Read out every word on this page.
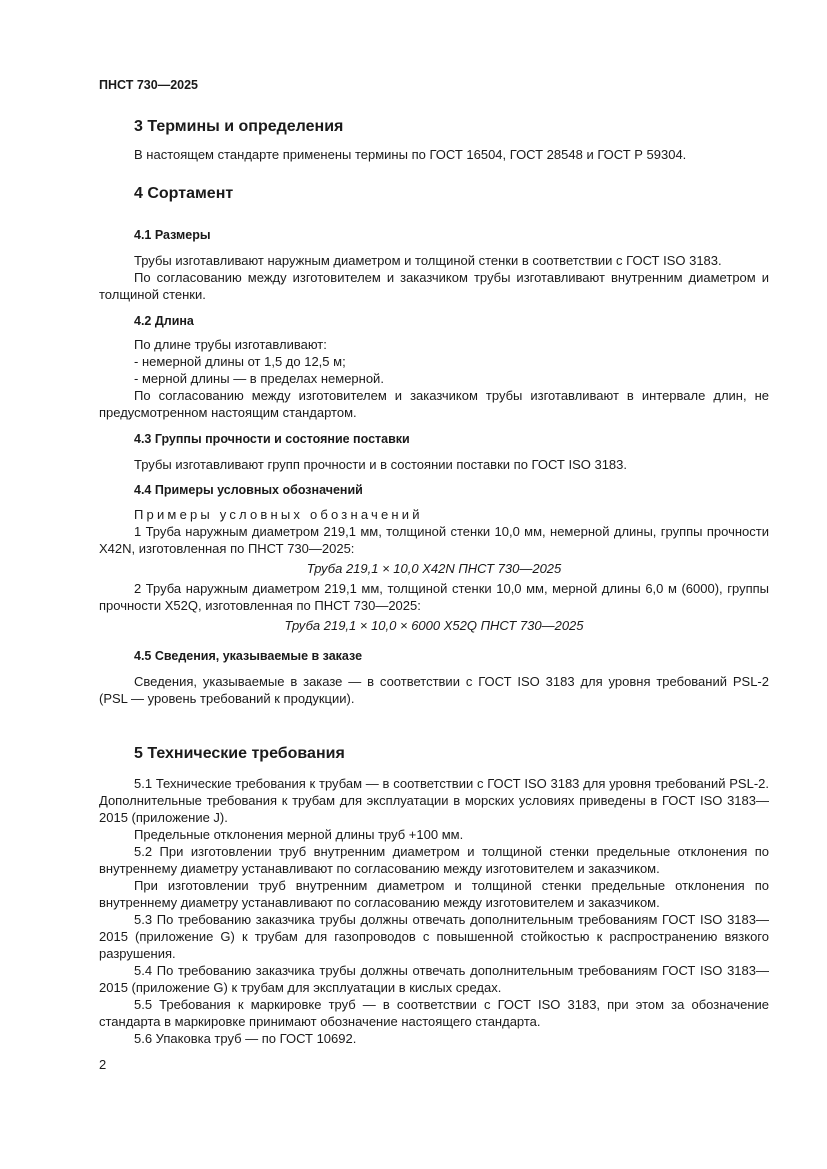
ПНСТ 730—2025
3 Термины и определения

В настоящем стандарте применены термины по ГОСТ 16504, ГОСТ 28548 и ГОСТ Р 59304.

4 Сортамент
4.1 Размеры

Трубы изготавливают наружным диаметром и толщиной стенки в соответствии с ГОСТ ISO 3183.

По согласованию между изготовителем и заказчиком трубы изготавливают внутренним диаметром и толщиной стенки.

4.2 Длина

По длине трубы изготавливают:

- немерной длины от 1,5 до 12,5 м;

- мерной длины — в пределах немерной.

По согласованию между изготовителем и заказчиком трубы изготавливают в интервале длин, не предусмотренном настоящим стандартом.

4.3 Группы прочности и состояние поставки

Трубы изготавливают групп прочности и в состоянии поставки по ГОСТ ISO 3183.

4.4 Примеры условных обозначений

Примеры условных обозначений

1 Труба наружным диаметром 219,1 мм, толщиной стенки 10,0 мм, немерной длины, группы прочности X42N, изготовленная по ПНСТ 730—2025:

Труба 219,1 × 10,0 X42N ПНСТ 730—2025

2 Труба наружным диаметром 219,1 мм, толщиной стенки 10,0 мм, мерной длины 6,0 м (6000), группы прочности X52Q, изготовленная по ПНСТ 730—2025:

Труба 219,1 × 10,0 × 6000 X52Q ПНСТ 730—2025

4.5 Сведения, указываемые в заказе

Сведения, указываемые в заказе — в соответствии с ГОСТ ISO 3183 для уровня требований PSL-2 (PSL — уровень требований к продукции).

5 Технические требования

5.1 Технические требования к трубам — в соответствии с ГОСТ ISO 3183 для уровня требований PSL-2. Дополнительные требования к трубам для эксплуатации в морских условиях приведены в ГОСТ ISO 3183—2015 (приложение J).

Предельные отклонения мерной длины труб +100 мм.

5.2 При изготовлении труб внутренним диаметром и толщиной стенки предельные отклонения по внутреннему диаметру устанавливают по согласованию между изготовителем и заказчиком.

При изготовлении труб внутренним диаметром и толщиной стенки предельные отклонения по внутреннему диаметру устанавливают по согласованию между изготовителем и заказчиком.

5.3 По требованию заказчика трубы должны отвечать дополнительным требованиям ГОСТ ISO 3183—2015 (приложение G) к трубам для газопроводов с повышенной стойкостью к распространению вязкого разрушения.

5.4 По требованию заказчика трубы должны отвечать дополнительным требованиям ГОСТ ISO 3183—2015 (приложение G) к трубам для эксплуатации в кислых средах.

5.5 Требования к маркировке труб — в соответствии с ГОСТ ISO 3183, при этом за обозначение стандарта в маркировке принимают обозначение настоящего стандарта.

5.6 Упаковка труб — по ГОСТ 10692.

2
